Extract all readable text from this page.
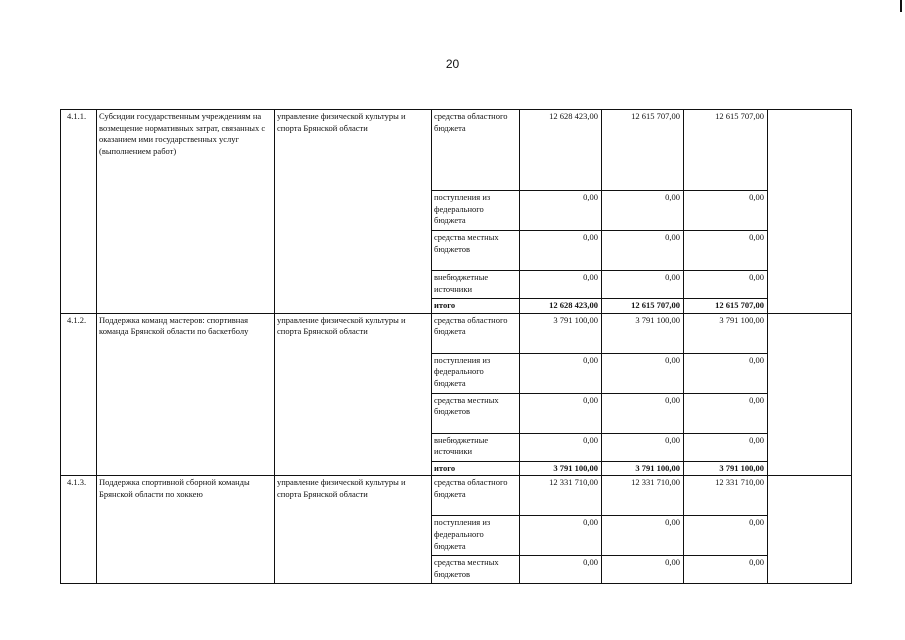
20
4.1.1.	Субсидии государственным учреждениям на возмещение нормативных затрат, связанных с оказанием ими государственных услуг (выполнением работ)	управление физической культуры и спорта Брянской области	средства областного бюджета	12 628 423,00	12 615 707,00	12 615 707,00	
			поступления из федерального бюджета	0,00	0,00	0,00	
			средства местных бюджетов	0,00	0,00	0,00	
			внебюджетные источники	0,00	0,00	0,00	
			итого	12 628 423,00	12 615 707,00	12 615 707,00	
4.1.2.	Поддержка команд мастеров: спортивная команда Брянской области по баскетболу	управление физической культуры и спорта Брянской области	средства областного бюджета	3 791 100,00	3 791 100,00	3 791 100,00	
			поступления из федерального бюджета	0,00	0,00	0,00	
			средства местных бюджетов	0,00	0,00	0,00	
			внебюджетные источники	0,00	0,00	0,00	
			итого	3 791 100,00	3 791 100,00	3 791 100,00	
4.1.3.	Поддержка спортивной сборной команды Брянской области по хоккею	управление физической культуры и спорта Брянской области	средства областного бюджета	12 331 710,00	12 331 710,00	12 331 710,00	
			поступления из федерального бюджета	0,00	0,00	0,00	
			средства местных бюджетов	0,00	0,00	0,00	
